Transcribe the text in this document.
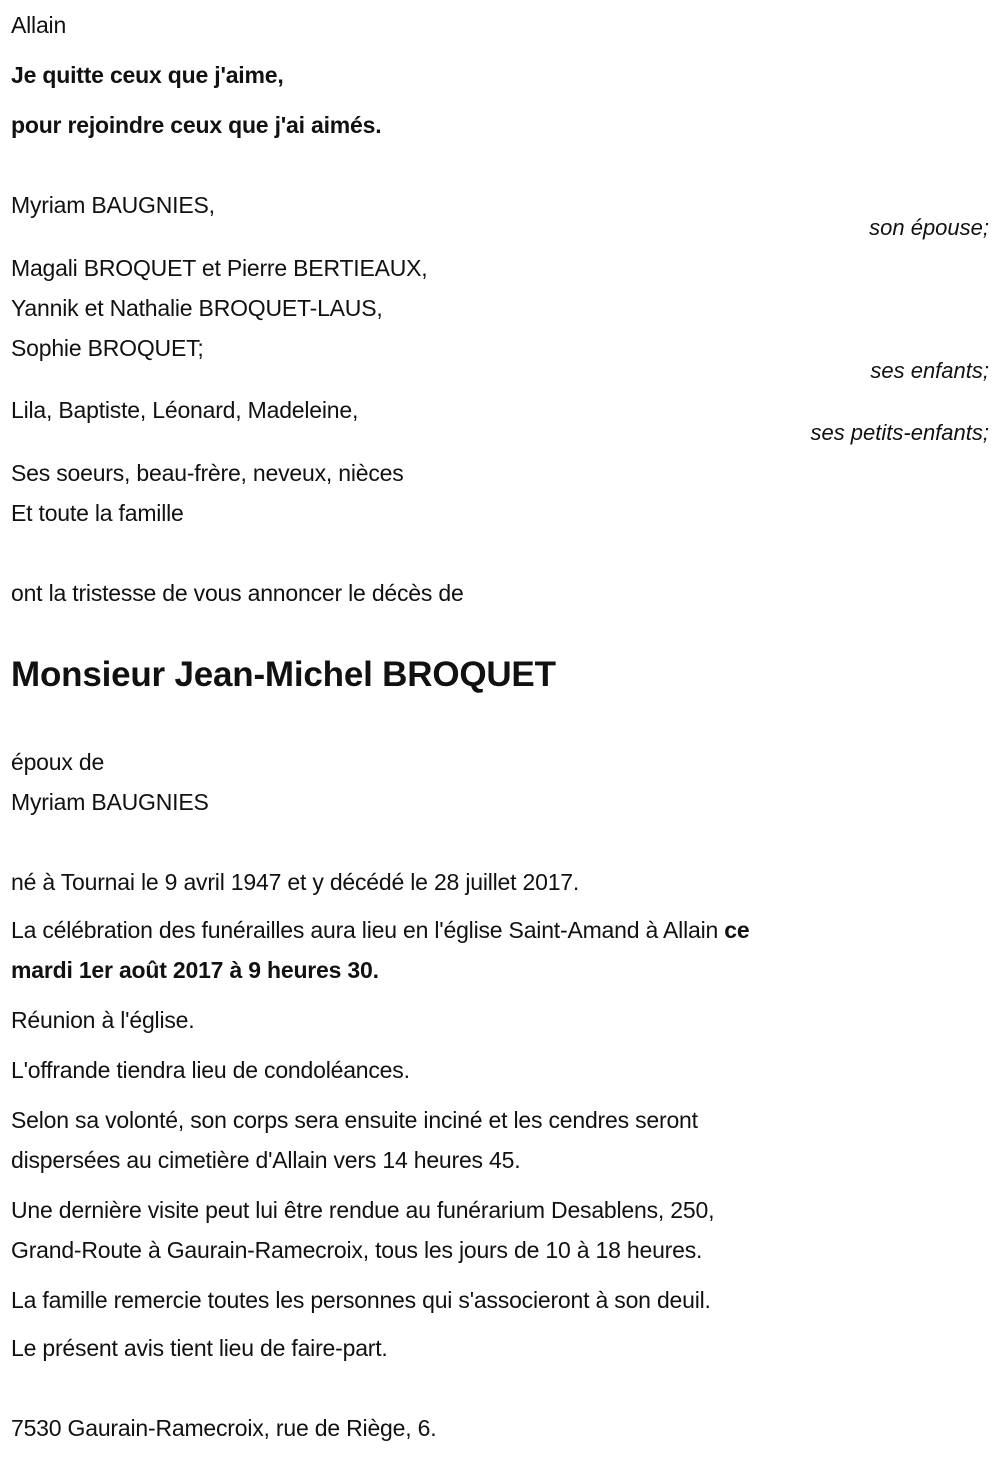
Allain
Je quitte ceux que j'aime,
pour rejoindre ceux que j'ai aimés.
Myriam BAUGNIES,
son épouse;
Magali BROQUET et Pierre BERTIEAUX,
Yannik et Nathalie BROQUET-LAUS,
Sophie BROQUET;
ses enfants;
Lila, Baptiste, Léonard, Madeleine,
ses petits-enfants;
Ses soeurs, beau-frère, neveux, nièces
Et toute la famille
ont la tristesse de vous annoncer le décès de
Monsieur Jean-Michel BROQUET
époux de
Myriam BAUGNIES
né à Tournai le 9 avril 1947 et y décédé le 28 juillet 2017.
La célébration des funérailles aura lieu en l'église Saint-Amand à Allain ce
mardi 1er août 2017 à 9 heures 30.
Réunion à l'église.
L'offrande tiendra lieu de condoléances.
Selon sa volonté, son corps sera ensuite inciné et les cendres seront
dispersées au cimetière d'Allain vers 14 heures 45.
Une dernière visite peut lui être rendue au funérarium Desablens, 250,
Grand-Route à Gaurain-Ramecroix, tous les jours de 10 à 18 heures.
La famille remercie toutes les personnes qui s'associeront à son deuil.
Le présent avis tient lieu de faire-part.
7530 Gaurain-Ramecroix, rue de Riège, 6.
